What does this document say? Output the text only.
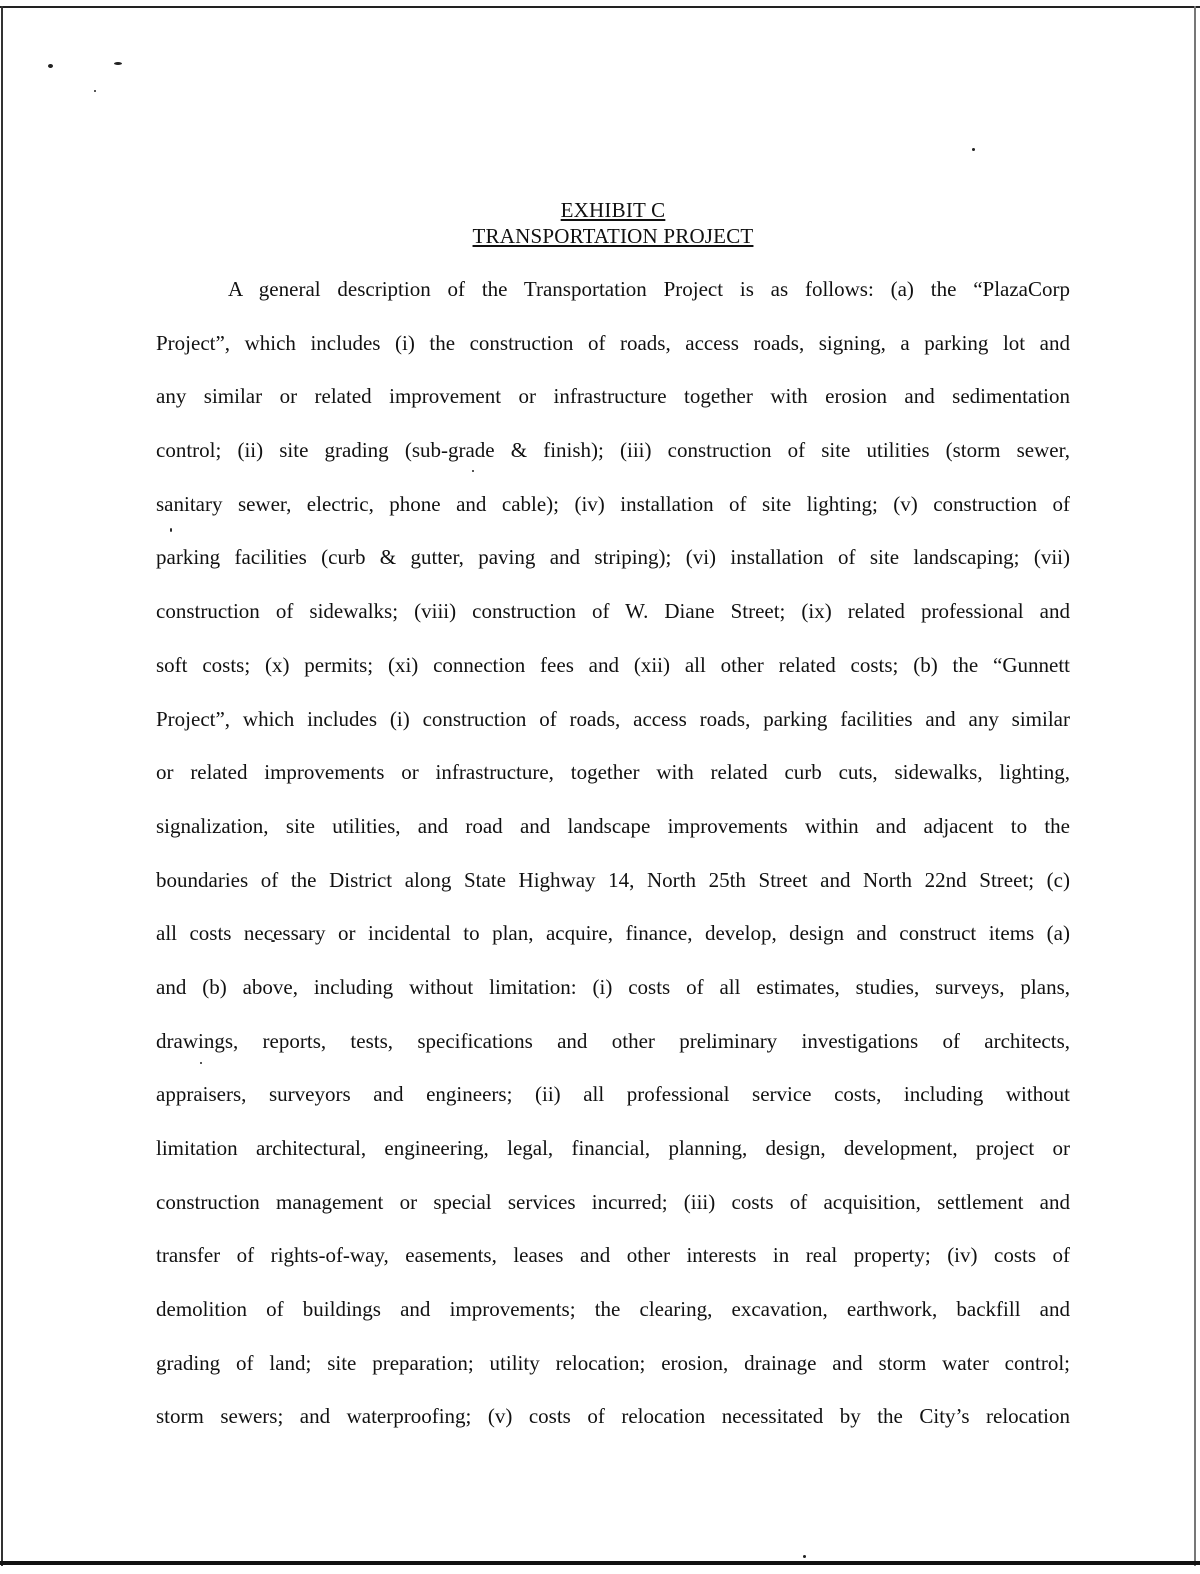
EXHIBIT C
TRANSPORTATION PROJECT
A general description of the Transportation Project is as follows: (a) the “PlazaCorp
Project”, which includes (i) the construction of roads, access roads, signing, a parking lot and
any similar or related improvement or infrastructure together with erosion and sedimentation
control; (ii) site grading (sub-grade & finish); (iii) construction of site utilities (storm sewer,
sanitary sewer, electric, phone and cable); (iv) installation of site lighting; (v) construction of
parking facilities (curb & gutter, paving and striping); (vi) installation of site landscaping; (vii)
construction of sidewalks; (viii) construction of W. Diane Street; (ix) related professional and
soft costs; (x) permits; (xi) connection fees and (xii) all other related costs; (b) the “Gunnett
Project”, which includes (i) construction of roads, access roads, parking facilities and any similar
or related improvements or infrastructure, together with related curb cuts, sidewalks, lighting,
signalization, site utilities, and road and landscape improvements within and adjacent to the
boundaries of the District along State Highway 14, North 25th Street and North 22nd Street; (c)
all costs necessary or incidental to plan, acquire, finance, develop, design and construct items (a)
and (b) above, including without limitation: (i) costs of all estimates, studies, surveys, plans,
drawings, reports, tests, specifications and other preliminary investigations of architects,
appraisers, surveyors and engineers; (ii) all professional service costs, including without
limitation architectural, engineering, legal, financial, planning, design, development, project or
construction management or special services incurred; (iii) costs of acquisition, settlement and
transfer of rights-of-way, easements, leases and other interests in real property; (iv) costs of
demolition of buildings and improvements; the clearing, excavation, earthwork, backfill and
grading of land; site preparation; utility relocation; erosion, drainage and storm water control;
storm sewers; and waterproofing; (v) costs of relocation necessitated by the City’s relocation
